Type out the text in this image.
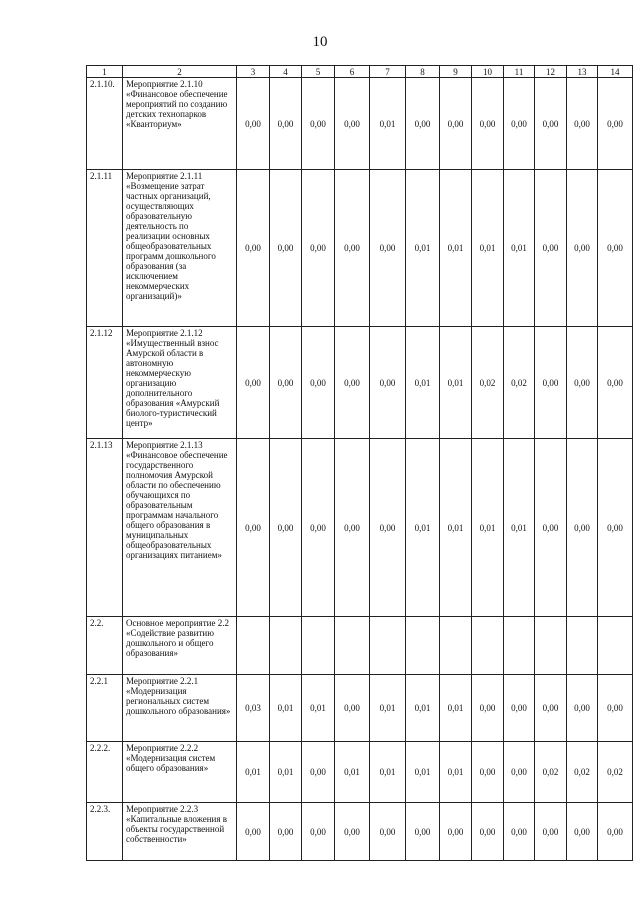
10
1	2	3	4	5	6	7	8	9	10	11	12	13	14
2.1.10.	Мероприятие 2.1.10 «Финансовое обеспечение мероприятий по созданию детских технопарков «Кванториум»	0,00	0,00	0,00	0,00	0,01	0,00	0,00	0,00	0,00	0,00	0,00	0,00
2.1.11	Мероприятие 2.1.11 «Возмещение затрат частных организаций, осуществляющих образовательную деятельность по реализации основных общеобразовательных программ дошкольного образования (за исключением некоммерческих организаций)»	0,00	0,00	0,00	0,00	0,00	0,01	0,01	0,01	0,01	0,00	0,00	0,00
2.1.12	Мероприятие 2.1.12 «Имущественный взнос Амурской области в автономную некоммерческую организацию дополнительного образования «Амурский биолого-туристический центр»	0,00	0,00	0,00	0,00	0,00	0,01	0,01	0,02	0,02	0,00	0,00	0,00
2.1.13	Мероприятие 2.1.13 «Финансовое обеспечение государственного полномочия Амурской области по обеспечению обучающихся по образовательным программам начального общего образования в муниципальных общеобразовательных организациях питанием»	0,00	0,00	0,00	0,00	0,00	0,01	0,01	0,01	0,01	0,00	0,00	0,00
2.2.	Основное мероприятие 2.2 «Содействие развитию дошкольного и общего образования»												
2.2.1	Мероприятие 2.2.1 «Модернизация региональных систем дошкольного образования»	0,03	0,01	0,01	0,00	0,01	0,01	0,01	0,00	0,00	0,00	0,00	0,00
2.2.2.	Мероприятие 2.2.2 «Модернизация систем общего образования»	0,01	0,01	0,00	0,01	0,01	0,01	0,01	0,00	0,00	0,02	0,02	0,02
2.2.3.	Мероприятие 2.2.3 «Капитальные вложения в объекты государственной собственности»	0,00	0,00	0,00	0,00	0,00	0,00	0,00	0,00	0,00	0,00	0,00	0,00
